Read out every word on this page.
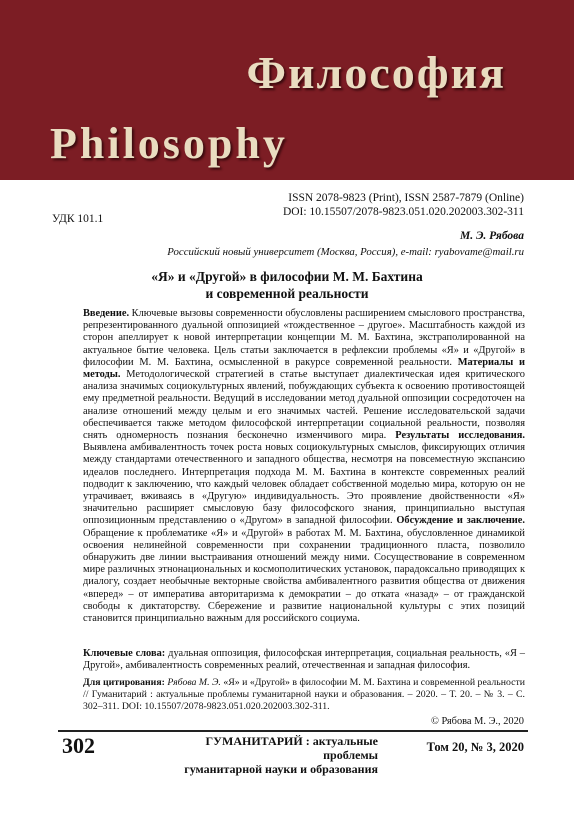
Философия
Philosophy
ISSN 2078-9823 (Print), ISSN 2587-7879 (Online)
DOI: 10.15507/2078-9823.051.020.202003.302-311
УДК 101.1
М. Э. Рябова
Российский новый университет (Москва, Россия), e-mail: ryabovame@mail.ru
«Я» и «Другой» в философии М. М. Бахтина
и современной реальности
Введение. Ключевые вызовы современности обусловлены расширением смыслового пространства, репрезентированного дуальной оппозицией «тождественное – другое». Масштабность каждой из сторон апеллирует к новой интерпретации концепции М. М. Бахтина, экстраполированной на актуальное бытие человека. Цель статьи заключается в рефлексии проблемы «Я» и «Другой» в философии М. М. Бахтина, осмысленной в ракурсе современной реальности. Материалы и методы. Методологической стратегией в статье выступает диалектическая идея критического анализа значимых социокультурных явлений, побуждающих субъекта к освоению противостоящей ему предметной реальности. Ведущий в исследовании метод дуальной оппозиции сосредоточен на анализе отношений между целым и его значимых частей. Решение исследовательской задачи обеспечивается также методом философской интерпретации социальной реальности, позволяя снять одномерность познания бесконечно изменчивого мира. Результаты исследования. Выявлена амбивалентность точек роста новых социокультурных смыслов, фиксирующих отличия между стандартами отечественного и западного общества, несмотря на повсеместную экспансию идеалов последнего. Интерпретация подхода М. М. Бахтина в контексте современных реалий подводит к заключению, что каждый человек обладает собственной моделью мира, которую он не утрачивает, вживаясь в «Другую» индивидуальность. Это проявление двойственности «Я» значительно расширяет смысловую базу философского знания, принципиально выступая оппозиционным представлению о «Другом» в западной философии. Обсуждение и заключение. Обращение к проблематике «Я» и «Другой» в работах М. М. Бахтина, обусловленное динамикой освоения нелинейной современности при сохранении традиционного пласта, позволило обнаружить две линии выстраивания отношений между ними. Сосуществование в современном мире различных этнонациональных и космополитических установок, парадоксально приводящих к диалогу, создает необычные векторные свойства амбивалентного развития общества от движения «вперед» – от императива авторитаризма к демократии – до отката «назад» – от гражданской свободы к диктаторству. Сбережение и развитие национальной культуры с этих позиций становится принципиально важным для российского социума.
Ключевые слова: дуальная оппозиция, философская интерпретация, социальная реальность, «Я – Другой», амбивалентность современных реалий, отечественная и западная философия.
Для цитирования: Рябова М. Э. «Я» и «Другой» в философии М. М. Бахтина и современной реальности // Гуманитарий : актуальные проблемы гуманитарной науки и образования. – 2020. – Т. 20. – № 3. – С. 302–311. DOI: 10.15507/2078-9823.051.020.202003.302-311.
© Рябова М. Э., 2020
302	ГУМАНИТАРИЙ : актуальные проблемы
гуманитарной науки и образования
Том 20, № 3, 2020
